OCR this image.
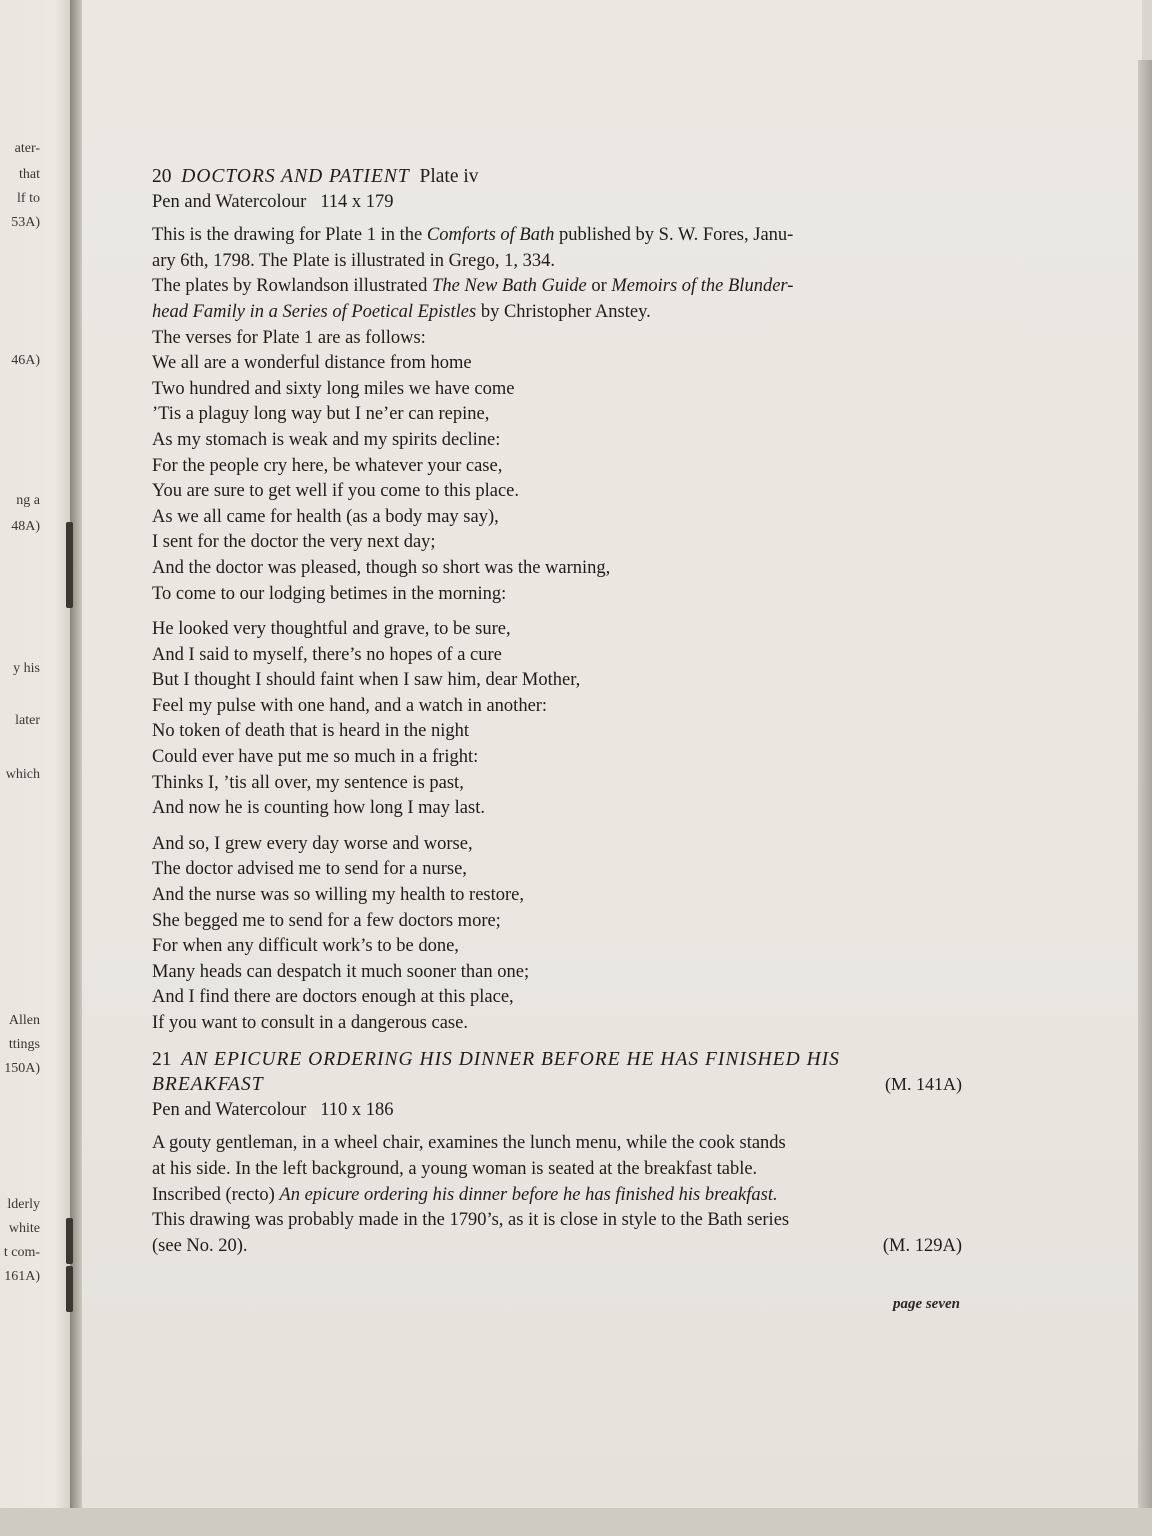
ater-
that
lf to
53A)
46A)
ng a
48A)
y his
later
which
Allen
ttings
150A)
lderly
white
t com-
161A)
20 DOCTORS AND PATIENT Plate iv
Pen and Watercolour 114 x 179
This is the drawing for Plate 1 in the Comforts of Bath published by S. W. Fores, Janu-
ary 6th, 1798. The Plate is illustrated in Grego, 1, 334.
The plates by Rowlandson illustrated The New Bath Guide or Memoirs of the Blunder-
head Family in a Series of Poetical Epistles by Christopher Anstey.
The verses for Plate 1 are as follows:
We all are a wonderful distance from home
Two hundred and sixty long miles we have come
’Tis a plaguy long way but I ne’er can repine,
As my stomach is weak and my spirits decline:
For the people cry here, be whatever your case,
You are sure to get well if you come to this place.
As we all came for health (as a body may say),
I sent for the doctor the very next day;
And the doctor was pleased, though so short was the warning,
To come to our lodging betimes in the morning:
He looked very thoughtful and grave, to be sure,
And I said to myself, there’s no hopes of a cure
But I thought I should faint when I saw him, dear Mother,
Feel my pulse with one hand, and a watch in another:
No token of death that is heard in the night
Could ever have put me so much in a fright:
Thinks I, ’tis all over, my sentence is past,
And now he is counting how long I may last.
And so, I grew every day worse and worse,
The doctor advised me to send for a nurse,
And the nurse was so willing my health to restore,
She begged me to send for a few doctors more;
For when any difficult work’s to be done,
Many heads can despatch it much sooner than one;
And I find there are doctors enough at this place,
If you want to consult in a dangerous case.
21 AN EPICURE ORDERING HIS DINNER BEFORE HE HAS FINISHED HIS
BREAKFAST	(M. 141A)
Pen and Watercolour 110 x 186
A gouty gentleman, in a wheel chair, examines the lunch menu, while the cook stands
at his side. In the left background, a young woman is seated at the breakfast table.
Inscribed (recto) An epicure ordering his dinner before he has finished his breakfast.
This drawing was probably made in the 1790’s, as it is close in style to the Bath series
(see No. 20).	(M. 129A)
page seven
